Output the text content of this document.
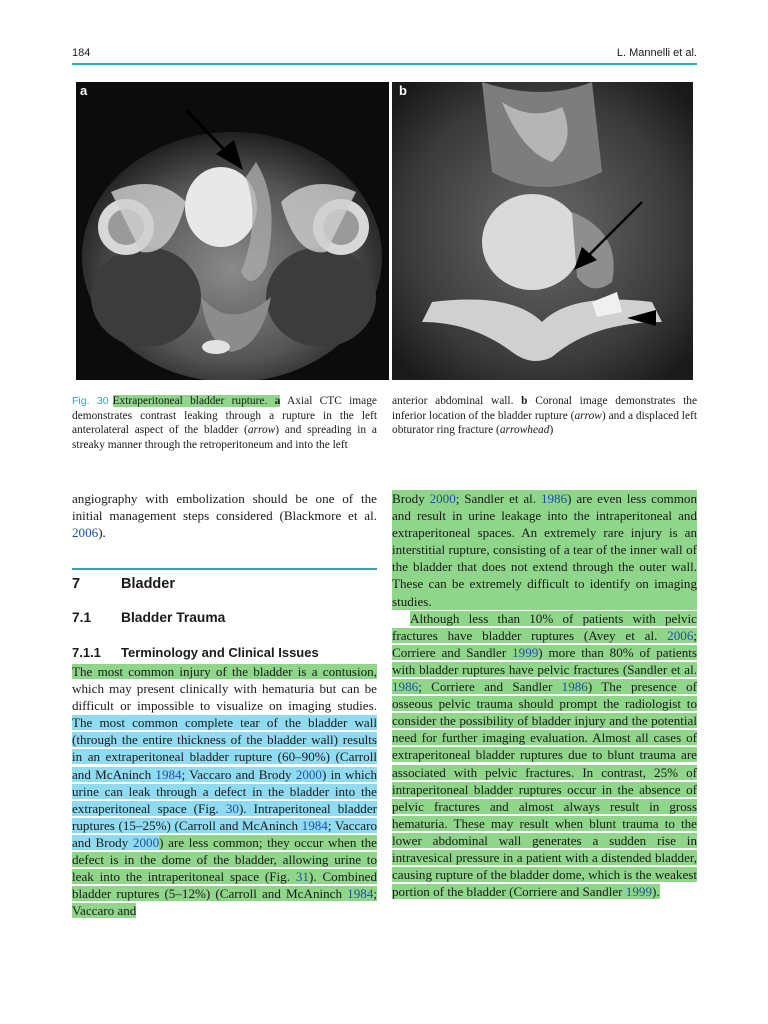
184	L. Mannelli et al.
a	b
Fig. 30 Extraperitoneal bladder rupture. a Axial CTC image demonstrates contrast leaking through a rupture in the left anterolateral aspect of the bladder (arrow) and spreading in a streaky manner through the retroperitoneum and into the left
anterior abdominal wall. b Coronal image demonstrates the inferior location of the bladder rupture (arrow) and a displaced left obturator ring fracture (arrowhead)

angiography with embolization should be one of the initial management steps considered (Blackmore et al. 2006).

7	Bladder
7.1 Bladder Trauma
7.1.1 Terminology and Clinical Issues

The most common injury of the bladder is a contusion, which may present clinically with hematuria but can be difficult or impossible to visualize on imaging studies. The most common complete tear of the bladder wall (through the entire thickness of the bladder wall) results in an extraperitoneal bladder rupture (60–90%) (Carroll and McAninch 1984; Vaccaro and Brody 2000) in which urine can leak through a defect in the bladder into the extraperitoneal space (Fig. 30). Intraperitoneal bladder ruptures (15–25%) (Carroll and McAninch 1984; Vaccaro and Brody 2000) are less common; they occur when the defect is in the dome of the bladder, allowing urine to leak into the intraperitoneal space (Fig. 31). Combined bladder ruptures (5–12%) (Carroll and McAninch 1984; Vaccaro and

Brody 2000; Sandler et al. 1986) are even less common and result in urine leakage into the intraperitoneal and extraperitoneal spaces. An extremely rare injury is an interstitial rupture, consisting of a tear of the inner wall of the bladder that does not extend through the outer wall. These can be extremely difficult to identify on imaging studies.

Although less than 10% of patients with pelvic fractures have bladder ruptures (Avey et al. 2006; Corriere and Sandler 1999) more than 80% of patients with bladder ruptures have pelvic fractures (Sandler et al. 1986; Corriere and Sandler 1986) The presence of osseous pelvic trauma should prompt the radiologist to consider the possibility of bladder injury and the potential need for further imaging evaluation. Almost all cases of extraperitoneal bladder ruptures due to blunt trauma are associated with pelvic fractures. In contrast, 25% of intraperitoneal bladder ruptures occur in the absence of pelvic fractures and almost always result in gross hematuria. These may result when blunt trauma to the lower abdominal wall generates a sudden rise in intravesical pressure in a patient with a distended bladder, causing rupture of the bladder dome, which is the weakest portion of the bladder (Corriere and Sandler 1999).
